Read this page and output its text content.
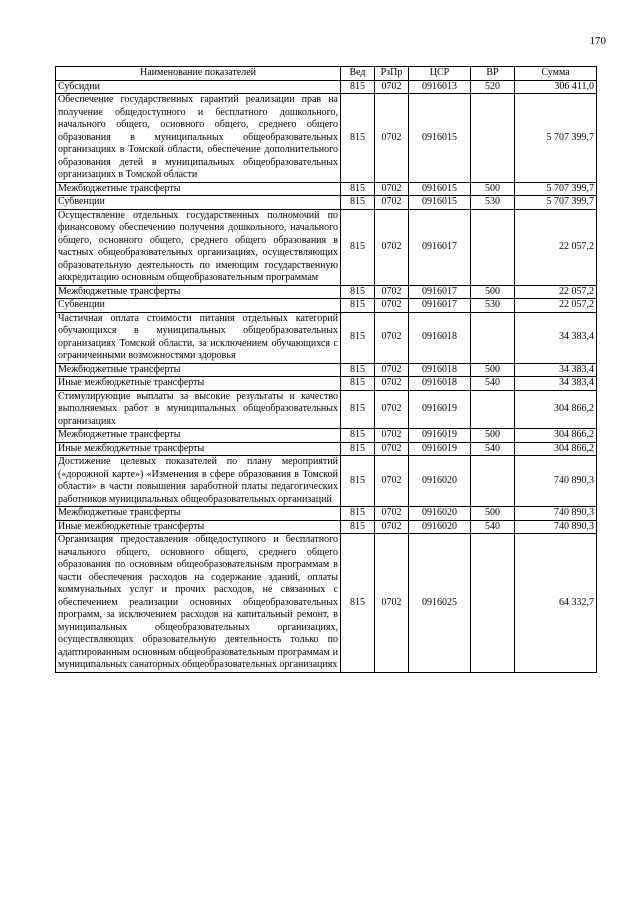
170
Наименование показателей	Вед	РзПр	ЦСР	ВР	Сумма
Субсидии	815	0702	0916013	520	306 411,0
Обеспечение государственных гарантий реализации прав на получение общедоступного и бесплатного дошкольного, начального общего, основного общего, среднего общего образования в муниципальных общеобразовательных организациях в Томской области, обеспечение дополнительного образования детей в муниципальных общеобразовательных организациях в Томской области	815	0702	0916015		5 707 399,7
Межбюджетные трансферты	815	0702	0916015	500	5 707 399,7
Субвенции	815	0702	0916015	530	5 707 399,7
Осуществление отдельных государственных полномочий по финансовому обеспечению получения дошкольного, начального общего, основного общего, среднего общего образования в частных общеобразовательных организациях, осуществляющих образовательную деятельность по имеющим государственную аккредитацию основным общеобразовательным программам	815	0702	0916017		22 057,2
Межбюджетные трансферты	815	0702	0916017	500	22 057,2
Субвенции	815	0702	0916017	530	22 057,2
Частичная оплата стоимости питания отдельных категорий обучающихся в муниципальных общеобразовательных организациях Томской области, за исключением обучающихся с ограниченными возможностями здоровья	815	0702	0916018		34 383,4
Межбюджетные трансферты	815	0702	0916018	500	34 383,4
Иные межбюджетные трансферты	815	0702	0916018	540	34 383,4
Стимулирующие выплаты за высокие результаты и качество выполняемых работ в муниципальных общеобразовательных организациях	815	0702	0916019		304 866,2
Межбюджетные трансферты	815	0702	0916019	500	304 866,2
Иные межбюджетные трансферты	815	0702	0916019	540	304 866,2
Достижение целевых показателей по плану мероприятий («дорожной карте») «Изменения в сфере образования в Томской области» в части повышения заработной платы педагогических работников муниципальных общеобразовательных организаций	815	0702	0916020		740 890,3
Межбюджетные трансферты	815	0702	0916020	500	740 890,3
Иные межбюджетные трансферты	815	0702	0916020	540	740 890,3
Организация предоставления общедоступного и бесплатного начального общего, основного общего, среднего общего образования по основным общеобразовательным программам в части обеспечения расходов на содержание зданий, оплаты коммунальных услуг и прочих расходов, не связанных с обеспечением реализации основных общеобразовательных программ, за исключением расходов на капитальный ремонт, в муниципальных общеобразовательных организациях, осуществляющих образовательную деятельность только по адаптированным основным общеобразовательным программам и муниципальных санаторных общеобразовательных организациях	815	0702	0916025		64 332,7
